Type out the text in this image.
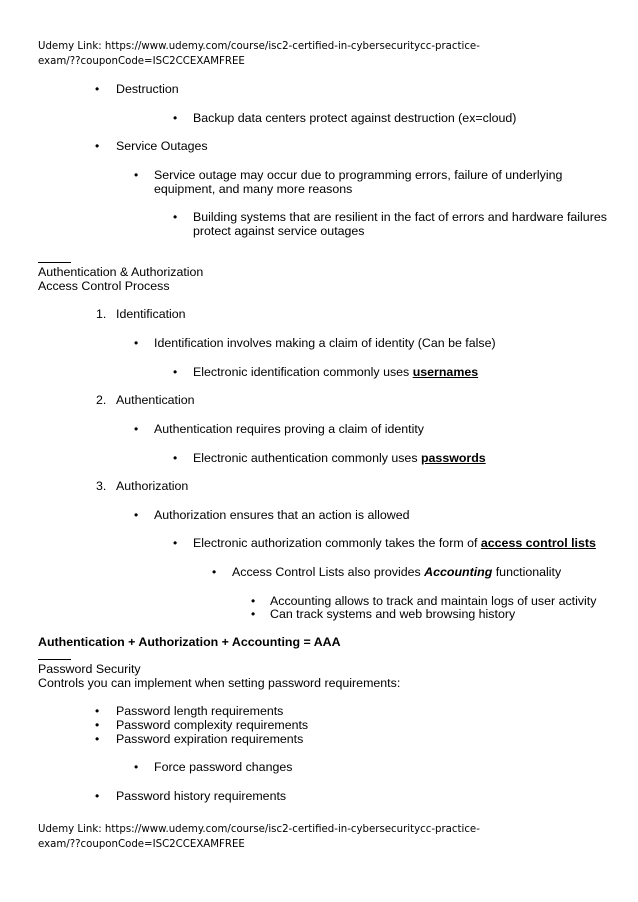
Udemy Link: https://www.udemy.com/course/isc2-certified-in-cybersecuritycc-practice-
exam/??couponCode=ISC2CCEXAMFREE
• Destruction
• Backup data centers protect against destruction (ex=cloud)
• Service Outages
• Service outage may occur due to programming errors, failure of underlying
equipment, and many more reasons
• Building systems that are resilient in the fact of errors and hardware failures
protect against service outages
Authentication & Authorization
Access Control Process
1. Identification
• Identification involves making a claim of identity (Can be false)
• Electronic identification commonly uses usernames
2. Authentication
• Authentication requires proving a claim of identity
• Electronic authentication commonly uses passwords
3. Authorization
• Authorization ensures that an action is allowed
• Electronic authorization commonly takes the form of access control lists
• Access Control Lists also provides Accounting functionality
• Accounting allows to track and maintain logs of user activity
• Can track systems and web browsing history
Authentication + Authorization + Accounting = AAA
Password Security
Controls you can implement when setting password requirements:
• Password length requirements
• Password complexity requirements
• Password expiration requirements
• Force password changes
• Password history requirements
Udemy Link: https://www.udemy.com/course/isc2-certified-in-cybersecuritycc-practice-
exam/??couponCode=ISC2CCEXAMFREE
